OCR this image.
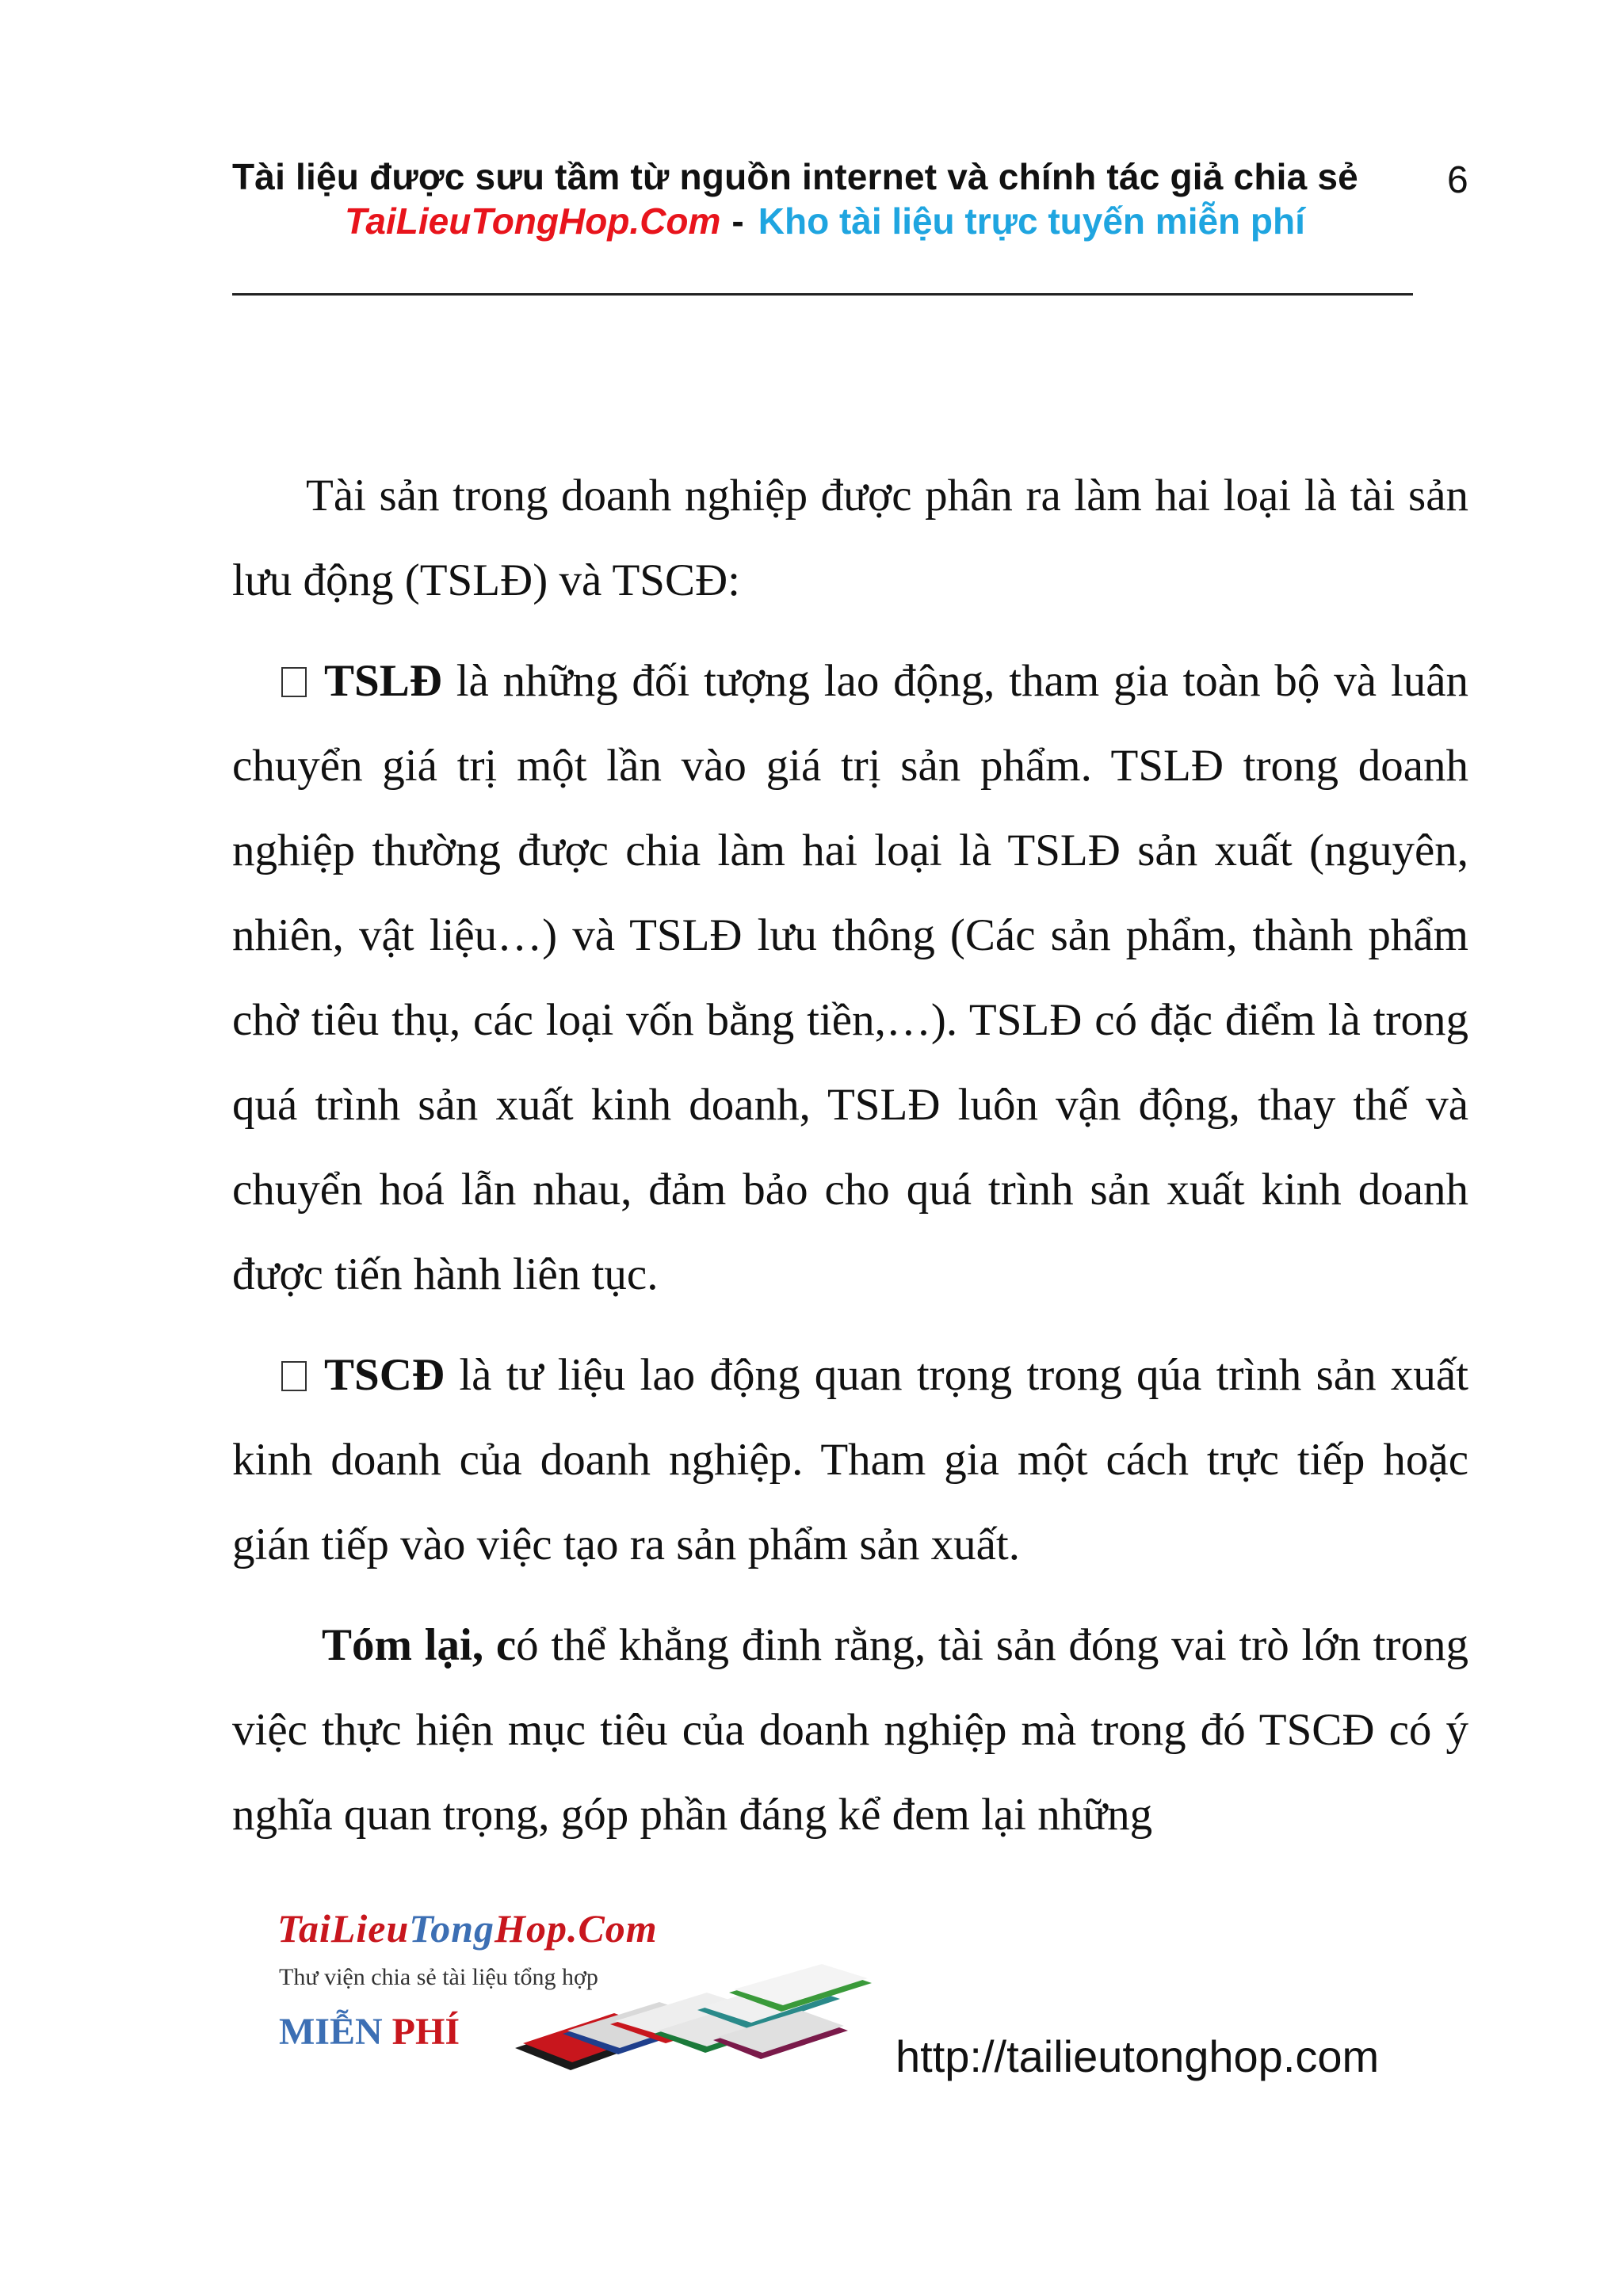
Tài liệu được sưu tầm từ nguồn internet và chính tác giả chia sẻ 6
TaiLieuTongHop.Com - Kho tài liệu trực tuyến miễn phí

Tài sản trong doanh nghiệp được phân ra làm hai loại là tài sản lưu động (TSLĐ) và TSCĐ:

TSLĐ là những đối tượng lao động, tham gia toàn bộ và luân chuyển giá trị một lần vào giá trị sản phẩm. TSLĐ trong doanh nghiệp thường được chia làm hai loại là TSLĐ sản xuất (nguyên, nhiên, vật liệu…) và TSLĐ lưu thông (Các sản phẩm, thành phẩm chờ tiêu thụ, các loại vốn bằng tiền,…). TSLĐ có đặc điểm là trong quá trình sản xuất kinh doanh, TSLĐ luôn vận động, thay thế và chuyển hoá lẫn nhau, đảm bảo cho quá trình sản xuất kinh doanh được tiến hành liên tục.

TSCĐ là tư liệu lao động quan trọng trong qúa trình sản xuất kinh doanh của doanh nghiệp. Tham gia một cách trực tiếp hoặc gián tiếp vào việc tạo ra sản phẩm sản xuất.

Tóm lại, có thể khẳng đinh rằng, tài sản đóng vai trò lớn trong việc thực hiện mục tiêu của doanh nghiệp mà trong đó TSCĐ có ý nghĩa quan trọng, góp phần đáng kể đem lại những

TaiLieuTongHop.Com
Thư viện chia sẻ tài liệu tổng hợp
MIỄN PHÍ	http://tailieutonghop.com
